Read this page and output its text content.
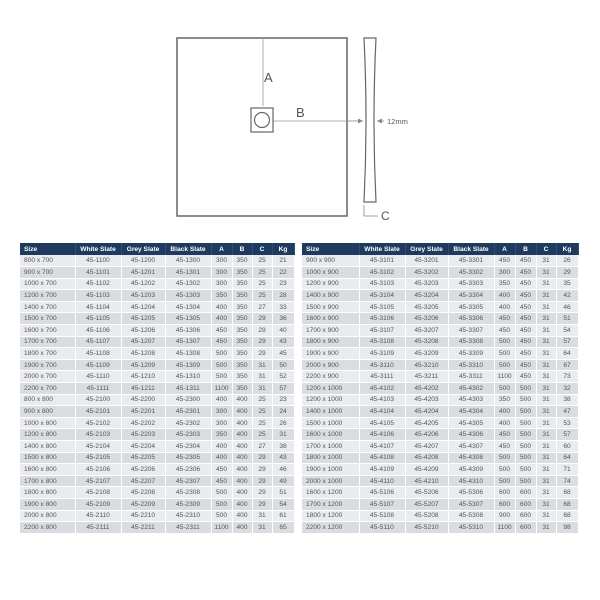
A
B
12mm
C
Size	White Slate	Grey Slate	Black Slate	A	B	C	Kg
800 x 700	45-1100	45-1200	45-1300	300	350	25	21
900 x 700	45-1101	45-1201	45-1301	300	350	25	22
1000 x 700	45-1102	45-1202	45-1302	300	350	25	23
1200 x 700	45-1103	45-1203	45-1303	350	350	25	28
1400 x 700	45-1104	45-1204	45-1304	400	350	27	33
1500 x 700	45-1105	45-1205	45-1305	400	350	29	36
1600 x 700	45-1106	45-1206	45-1306	450	350	29	40
1700 x 700	45-1107	45-1207	45-1307	450	350	29	43
1800 x 700	45-1108	45-1208	45-1308	500	350	29	45
1900 x 700	45-1109	45-1209	45-1309	500	350	31	50
2000 x 700	45-1110	45-1210	45-1310	500	350	31	52
2200 x 700	45-1111	45-1211	45-1311	1100	350	31	57
800 x 800	45-2100	45-2200	45-2300	400	400	25	23
900 x 800	45-2101	45-2201	45-2301	300	400	25	24
1000 x 800	45-2102	45-2202	45-2302	300	400	25	26
1200 x 800	45-2103	45-2203	45-2303	350	400	25	31
1400 x 800	45-2104	45-2204	45-2304	400	400	27	38
1500 x 800	45-2105	45-2205	45-2305	400	400	29	43
1600 x 800	45-2106	45-2206	45-2306	450	400	29	46
1700 x 800	45-2107	45-2207	45-2307	450	400	29	49
1800 x 800	45-2108	45-2208	45-2308	500	400	29	51
1900 x 800	45-2109	45-2209	45-2309	500	400	29	54
2000 x 800	45-2110	45-2210	45-2310	500	400	31	61
2200 x 800	45-2111	45-2211	45-2311	1100	400	31	65
Size	White Slate	Grey Slate	Black Slate	A	B	C	Kg
900 x 900	45-3101	45-3201	45-3301	450	450	31	26
1000 x 900	45-3102	45-3202	45-3302	300	450	31	29
1200 x 900	45-3103	45-3203	45-3303	350	450	31	35
1400 x 900	45-3104	45-3204	45-3304	400	450	31	42
1500 x 900	45-3105	45-3205	45-3305	400	450	31	46
1600 x 900	45-3106	45-3206	45-3306	450	450	31	51
1700 x 900	45-3107	45-3207	45-3307	450	450	31	54
1800 x 900	45-3108	45-3208	45-3308	500	450	31	57
1900 x 900	45-3109	45-3209	45-3309	500	450	31	64
2000 x 900	45-3110	45-3210	45-3310	500	450	31	67
2200 x 900	45-3111	45-3211	45-3311	1100	450	31	73
1200 x 1000	45-4102	45-4202	45-4302	500	500	31	32
1200 x 1000	45-4103	45-4203	45-4303	350	500	31	38
1400 x 1000	45-4104	45-4204	45-4304	400	500	31	47
1500 x 1000	45-4105	45-4205	45-4305	400	500	31	53
1600 x 1000	45-4106	45-4206	45-4306	450	500	31	57
1700 x 1000	45-4107	45-4207	45-4307	450	500	31	60
1800 x 1000	45-4108	45-4208	45-4308	500	500	31	64
1900 x 1000	45-4109	45-4209	45-4309	500	500	31	71
2000 x 1000	45-4110	45-4210	45-4310	500	500	31	74
1600 x 1200	45-5106	45-5206	45-5306	600	600	31	68
1700 x 1200	45-5107	45-5207	45-5307	600	600	31	68
1800 x 1200	45-5108	45-5208	45-5308	900	600	31	68
2200 x 1200	45-5110	45-5210	45-5310	1100	600	31	98
